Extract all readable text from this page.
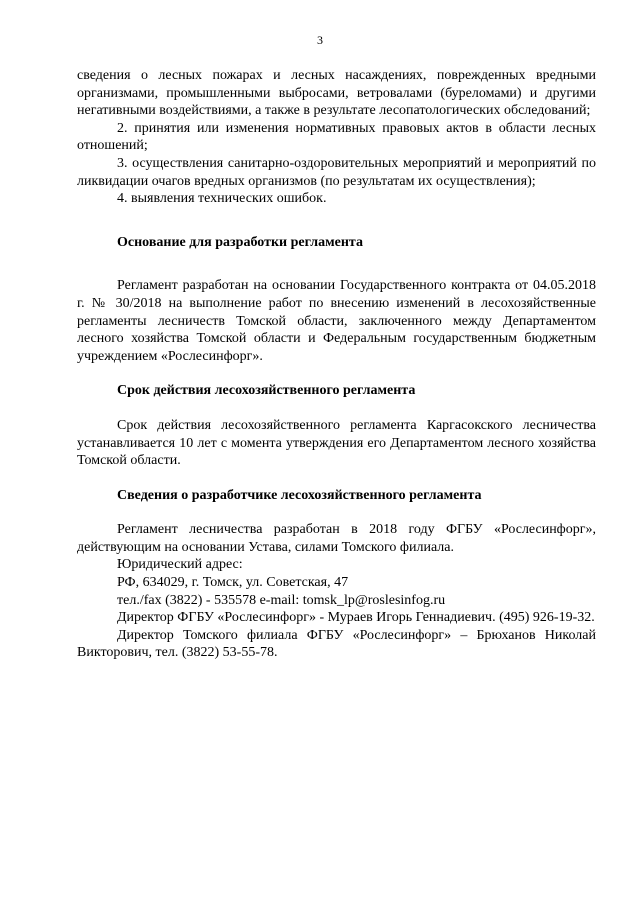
3

сведения о лесных пожарах и лесных насаждениях, поврежденных вредными организмами, промышленными выбросами, ветровалами (буреломами) и другими негативными воздействиями, а также в результате лесопатологических обследований;

2. принятия или изменения нормативных правовых актов в области лесных отношений;

3. осуществления санитарно-оздоровительных мероприятий и мероприятий по ликвидации очагов вредных организмов (по результатам их осуществления);

4. выявления технических ошибок.

Основание для разработки регламента

Регламент разработан на основании Государственного контракта от 04.05.2018 г. № 30/2018 на выполнение работ по внесению изменений в лесохозяйственные регламенты лесничеств Томской области, заключенного между Департаментом лесного хозяйства Томской области и Федеральным государственным бюджетным учреждением «Рослесинфорг».

Срок действия лесохозяйственного регламента

Срок действия лесохозяйственного регламента Каргасокского лесничества устанавливается 10 лет с момента утверждения его Департаментом лесного хозяйства Томской области.

Сведения о разработчике лесохозяйственного регламента

Регламент лесничества разработан в 2018 году ФГБУ «Рослесинфорг», действующим на основании Устава, силами Томского филиала.

Юридический адрес:

РФ, 634029, г. Томск, ул. Советская, 47

тел./fax (3822) - 535578 e-mail: tomsk_lp@roslesinfog.ru

Директор ФГБУ «Рослесинфорг» - Мураев Игорь Геннадиевич. (495) 926-19-32.

Директор Томского филиала ФГБУ «Рослесинфорг» – Брюханов Николай Викторович, тел. (3822) 53-55-78.
